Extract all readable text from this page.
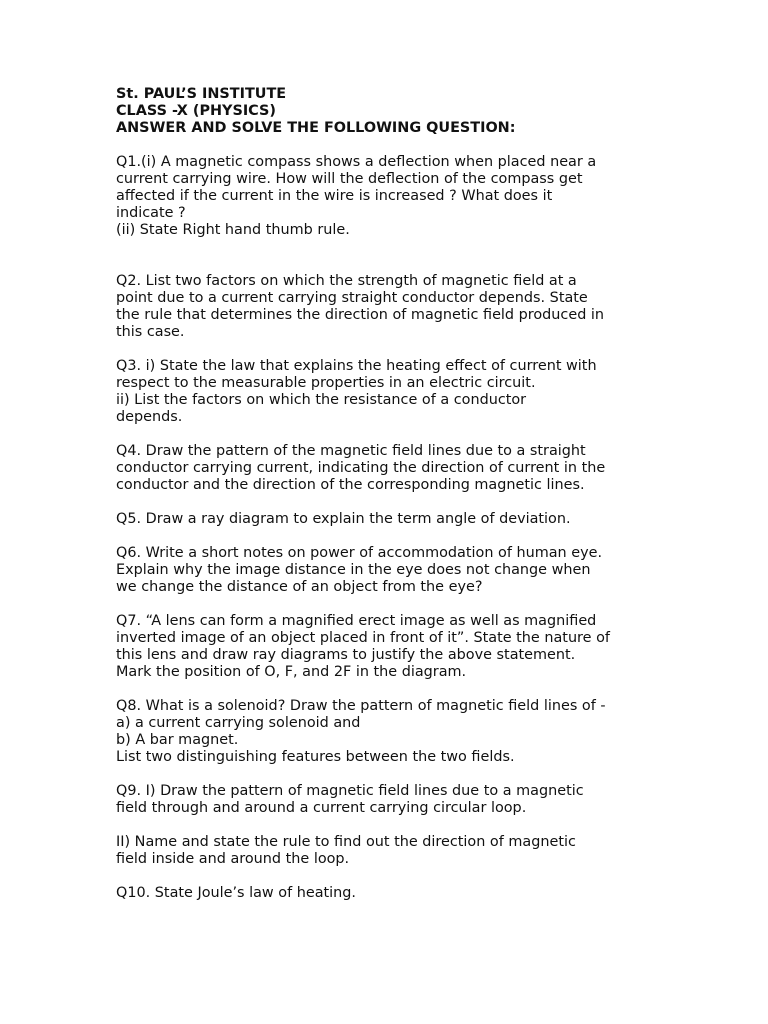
St. PAUL’S INSTITUTE
CLASS -X (PHYSICS)
ANSWER AND SOLVE THE FOLLOWING QUESTION:
Q1.(i) A magnetic compass shows a deflection when placed near a
current carrying wire. How will the deflection of the compass get
affected if the current in the wire is increased ? What does it
indicate ?
(ii) State Right hand thumb rule.
Q2. List two factors on which the strength of magnetic field at a
point due to a current carrying straight conductor depends. State
the rule that determines the direction of magnetic field produced in
this case.
Q3. i) State the law that explains the heating effect of current with
respect to the measurable properties in an electric circuit.
ii) List the factors on which the resistance of a conductor
depends.
Q4. Draw the pattern of the magnetic field lines due to a straight
conductor carrying current, indicating the direction of current in the
conductor and the direction of the corresponding magnetic lines.
Q5. Draw a ray diagram to explain the term angle of deviation.
Q6. Write a short notes on power of accommodation of human eye.
Explain why the image distance in the eye does not change when
we change the distance of an object from the eye?
Q7. “A lens can form a magnified erect image as well as magnified
inverted image of an object placed in front of it”. State the nature of
this lens and draw ray diagrams to justify the above statement.
Mark the position of O, F, and 2F in the diagram.
Q8. What is a solenoid? Draw the pattern of magnetic field lines of -
a) a current carrying solenoid and
b) A bar magnet.
List two distinguishing features between the two fields.
Q9. I) Draw the pattern of magnetic field lines due to a magnetic
field through and around a current carrying circular loop.
II) Name and state the rule to find out the direction of magnetic
field inside and around the loop.
Q10. State Joule’s law of heating.
